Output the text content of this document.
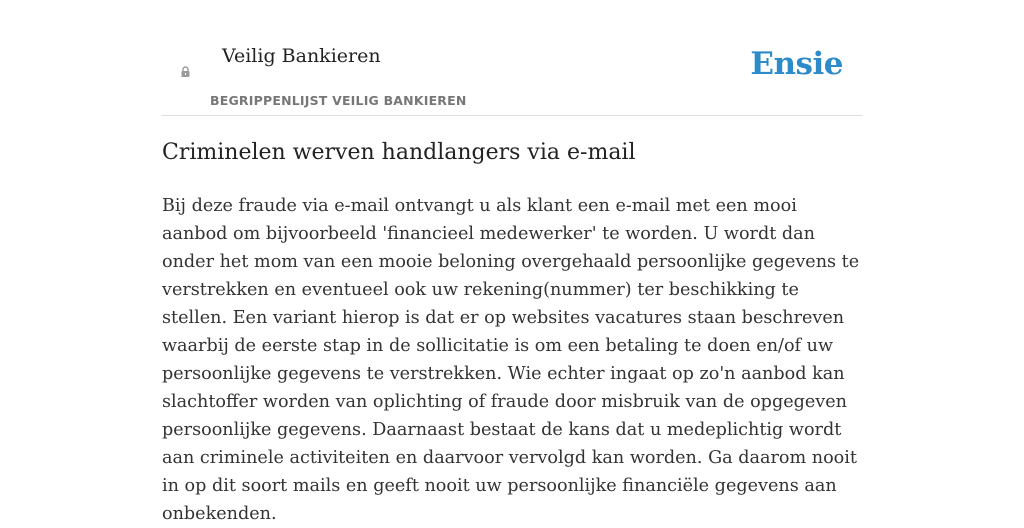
Veilig Bankieren
BEGRIPPENLIJST VEILIG BANKIEREN
Ensie
Criminelen werven handlangers via e-mail

Bij deze fraude via e-mail ontvangt u als klant een e-mail met een mooi aanbod om bijvoorbeeld 'financieel medewerker' te worden. U wordt dan onder het mom van een mooie beloning overgehaald persoonlijke gegevens te verstrekken en eventueel ook uw rekening(nummer) ter beschikking te stellen. Een variant hierop is dat er op websites vacatures staan beschreven waarbij de eerste stap in de sollicitatie is om een betaling te doen en/of uw persoonlijke gegevens te verstrekken. Wie echter ingaat op zo'n aanbod kan slachtoffer worden van oplichting of fraude door misbruik van de opgegeven persoonlijke gegevens. Daarnaast bestaat de kans dat u medeplichtig wordt aan criminele activiteiten en daarvoor vervolgd kan worden. Ga daarom nooit in op dit soort mails en geeft nooit uw persoonlijke financiële gegevens aan onbekenden.
